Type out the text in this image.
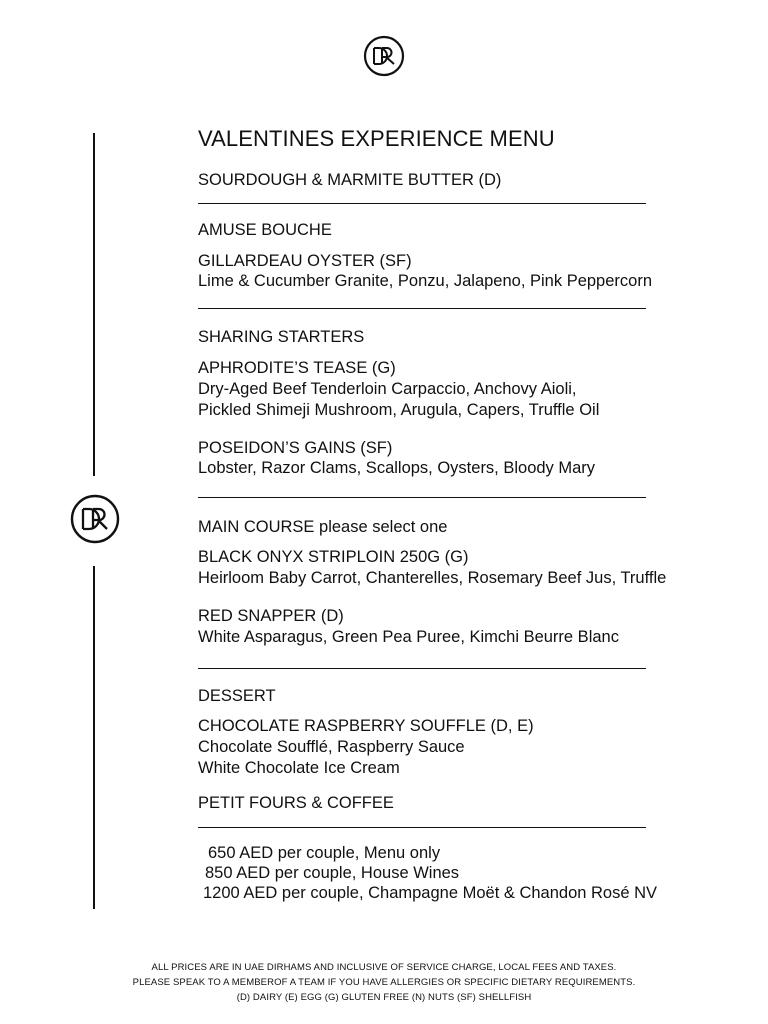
VALENTINES EXPERIENCE MENU
SOURDOUGH & MARMITE BUTTER (D)
AMUSE BOUCHE
GILLARDEAU OYSTER (SF)
Lime & Cucumber Granite, Ponzu, Jalapeno, Pink Peppercorn
SHARING STARTERS
APHRODITE’S TEASE (G)
Dry-Aged Beef Tenderloin Carpaccio, Anchovy Aioli,
Pickled Shimeji Mushroom, Arugula, Capers, Truffle Oil
POSEIDON’S GAINS (SF)
Lobster, Razor Clams, Scallops, Oysters, Bloody Mary
MAIN COURSE please select one
BLACK ONYX STRIPLOIN 250G (G)
Heirloom Baby Carrot, Chanterelles, Rosemary Beef Jus, Truffle
RED SNAPPER (D)
White Asparagus, Green Pea Puree, Kimchi Beurre Blanc
DESSERT
CHOCOLATE RASPBERRY SOUFFLE (D, E)
Chocolate Soufflé, Raspberry Sauce
White Chocolate Ice Cream
PETIT FOURS & COFFEE
650 AED per couple, Menu only
850 AED per couple, House Wines
1200 AED per couple, Champagne Moët & Chandon Rosé NV
ALL PRICES ARE IN UAE DIRHAMS AND INCLUSIVE OF SERVICE CHARGE, LOCAL FEES AND TAXES.
PLEASE SPEAK TO A MEMBEROF A TEAM IF YOU HAVE ALLERGIES OR SPECIFIC DIETARY REQUIREMENTS.
(D) DAIRY (E) EGG (G) GLUTEN FREE (N) NUTS (SF) SHELLFISH
